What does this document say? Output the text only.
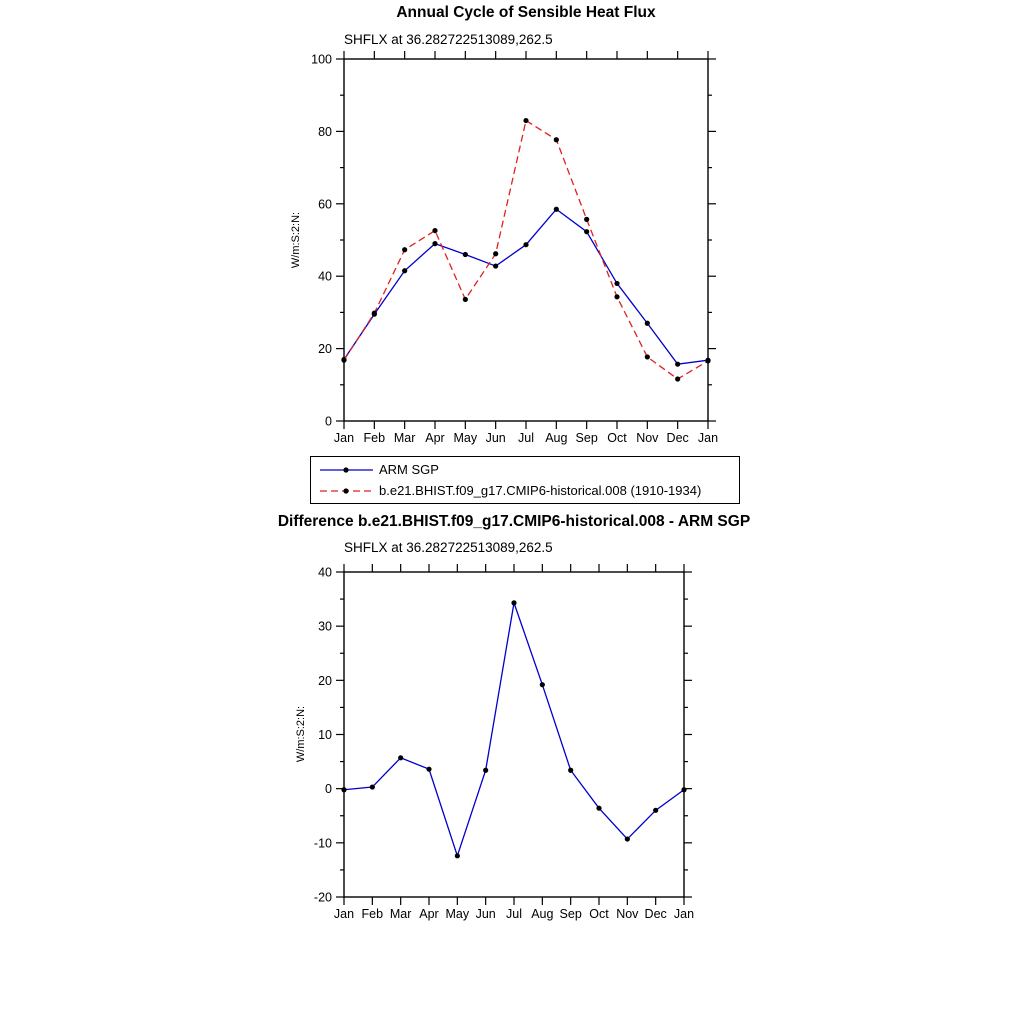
0
20
40
60
80
100
Jan Feb Mar Apr May Jun Jul Aug Sep Oct Nov Dec Jan
-20
-10
0
10
20
30
40
Jan Feb Mar Apr May Jun Jul Aug Sep Oct Nov Dec Jan
Annual Cycle of Sensible Heat Flux
SHFLX at 36.282722513089,262.5
W/m:S:2:N:
ARM SGP
b.e21.BHIST.f09_g17.CMIP6-historical.008 (1910-1934)
Difference b.e21.BHIST.f09_g17.CMIP6-historical.008 - ARM SGP
SHFLX at 36.282722513089,262.5
W/m:S:2:N:
